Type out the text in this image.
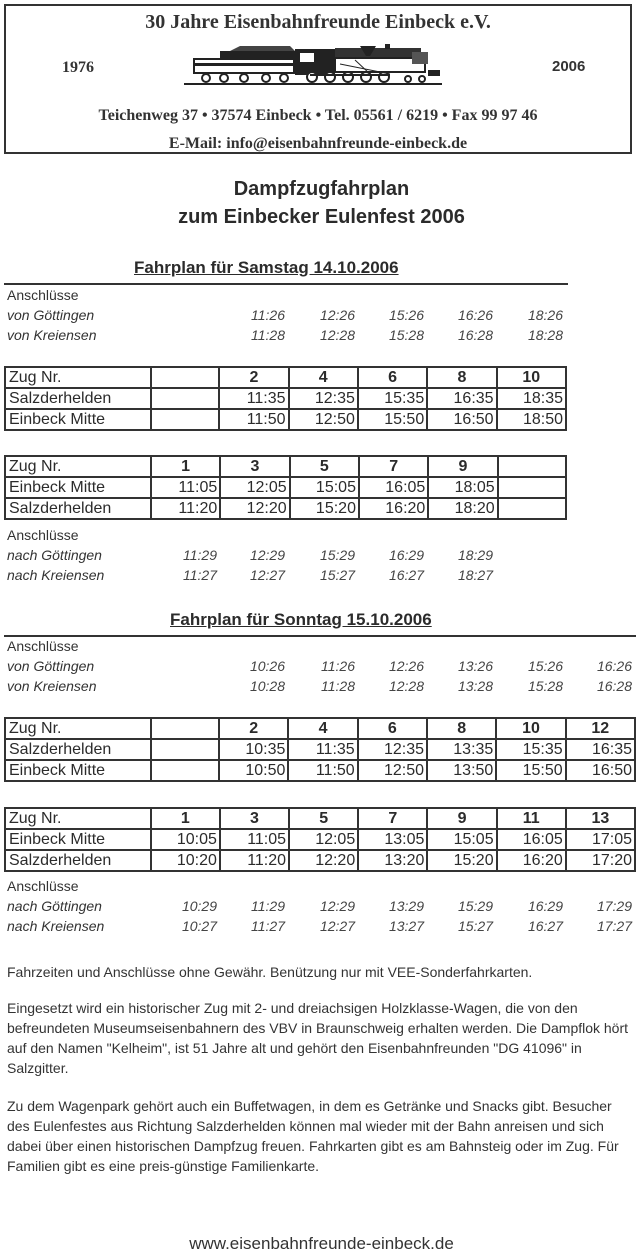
30 Jahre Eisenbahnfreunde Einbeck e.V.
1976	2006
Teichenweg 37 • 37574 Einbeck • Tel. 05561 / 6219 • Fax 99 97 46
E-Mail: info@eisenbahnfreunde-einbeck.de
Dampfzugfahrplan
zum Einbecker Eulenfest 2006
Fahrplan für Samstag 14.10.2006
Anschlüsse
von Göttingen	11:26	12:26	15:26	16:26	18:26
von Kreiensen	11:28	12:28	15:28	16:28	18:28
Zug Nr.		2	4	6	8	10
Salzderhelden		11:35	12:35	15:35	16:35	18:35
Einbeck Mitte		11:50	12:50	15:50	16:50	18:50
Zug Nr.	1	3	5	7	9	
Einbeck Mitte	11:05	12:05	15:05	16:05	18:05	
Salzderhelden	11:20	12:20	15:20	16:20	18:20	
Anschlüsse
nach Göttingen	11:29	12:29	15:29	16:29	18:29
nach Kreiensen	11:27	12:27	15:27	16:27	18:27
Fahrplan für Sonntag 15.10.2006
Anschlüsse
von Göttingen	10:26	11:26	12:26	13:26	15:26	16:26
von Kreiensen	10:28	11:28	12:28	13:28	15:28	16:28
Zug Nr.		2	4	6	8	10	12
Salzderhelden		10:35	11:35	12:35	13:35	15:35	16:35
Einbeck Mitte		10:50	11:50	12:50	13:50	15:50	16:50
Zug Nr.	1	3	5	7	9	11	13
Einbeck Mitte	10:05	11:05	12:05	13:05	15:05	16:05	17:05
Salzderhelden	10:20	11:20	12:20	13:20	15:20	16:20	17:20
Anschlüsse
nach Göttingen	10:29	11:29	12:29	13:29	15:29	16:29	17:29
nach Kreiensen	10:27	11:27	12:27	13:27	15:27	16:27	17:27
Fahrzeiten und Anschlüsse ohne Gewähr. Benützung nur mit VEE-Sonderfahrkarten.
Eingesetzt wird ein historischer Zug mit 2- und dreiachsigen Holzklasse-Wagen, die von den befreundeten Museumseisenbahnern des VBV in Braunschweig erhalten werden. Die Dampflok hört auf den Namen "Kelheim", ist 51 Jahre alt und gehört den Eisenbahnfreunden "DG 41096" in Salzgitter.
Zu dem Wagenpark gehört auch ein Buffetwagen, in dem es Getränke und Snacks gibt. Besucher des Eulenfestes aus Richtung Salzderhelden können mal wieder mit der Bahn anreisen und sich dabei über einen historischen Dampfzug freuen. Fahrkarten gibt es am Bahnsteig oder im Zug. Für Familien gibt es eine preis-günstige Familienkarte.
www.eisenbahnfreunde-einbeck.de
